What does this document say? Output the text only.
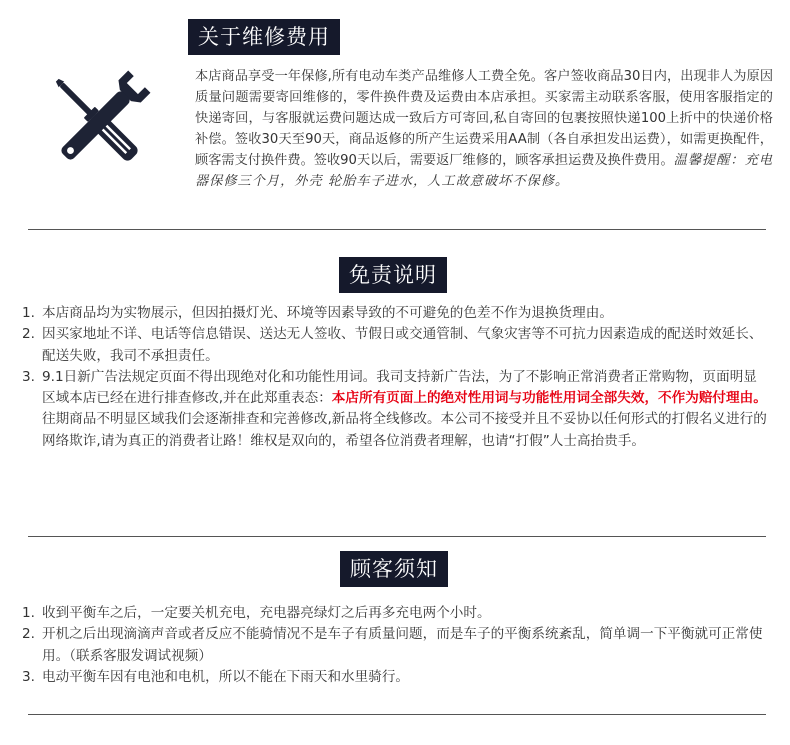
关于维修费用
本店商品享受一年保修,所有电动车类产品维修人工费全免。客户签收商品30日内，出现非人为原因质量问题需要寄回维修的，零件换件费及运费由本店承担。买家需主动联系客服，使用客服指定的快递寄回，与客服就运费问题达成一致后方可寄回,私自寄回的包裹按照快递100上折中的快递价格补偿。签收30天至90天，商品返修的所产生运费采用AA制（各自承担发出运费），如需更换配件，顾客需支付换件费。签收90天以后，需要返厂维修的，顾客承担运费及换件费用。温馨提醒：充电器保修三个月，外壳 轮胎车子进水，人工故意破坏不保修。
免责说明
1. 本店商品均为实物展示，但因拍摄灯光、环境等因素导致的不可避免的色差不作为退换货理由。
2. 因买家地址不详、电话等信息错误、送达无人签收、节假日或交通管制、气象灾害等不可抗力因素造成的配送时效延长、配送失败，我司不承担责任。
3. 9.1日新广告法规定页面不得出现绝对化和功能性用词。我司支持新广告法，为了不影响正常消费者正常购物，页面明显区域本店已经在进行排查修改,并在此郑重表态：本店所有页面上的绝对性用词与功能性用词全部失效，不作为赔付理由。往期商品不明显区域我们会逐渐排查和完善修改,新品将全线修改。本公司不接受并且不妥协以任何形式的打假名义进行的网络欺诈,请为真正的消费者让路！维权是双向的，希望各位消费者理解，也请“打假”人士高抬贵手。
顾客须知
1. 收到平衡车之后，一定要关机充电，充电器亮绿灯之后再多充电两个小时。
2. 开机之后出现滴滴声音或者反应不能骑情况不是车子有质量问题，而是车子的平衡系统紊乱，简单调一下平衡就可正常使用。（联系客服发调试视频）
3. 电动平衡车因有电池和电机，所以不能在下雨天和水里骑行。
